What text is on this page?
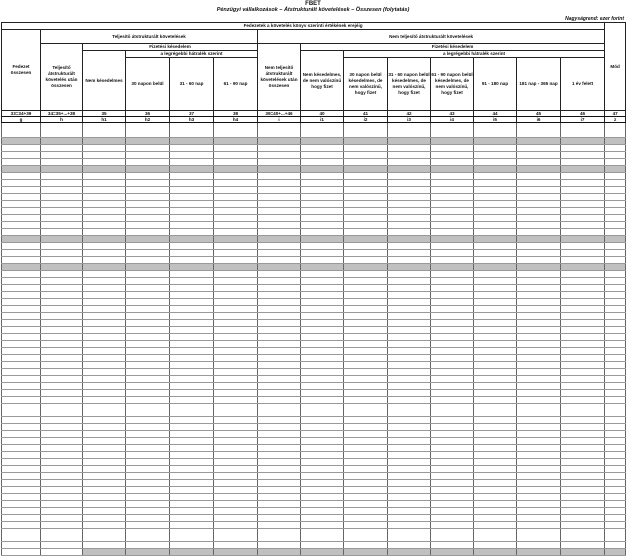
FBET
Pénzügyi vállalkozások – Átstrukturált követelések – Összesen (folytatás)
Nagyságrend: ezer forint
Fedezetek a követelés könyv szerinti értékének erejéig														Mód
Fedezet összesen	Teljesítő átstrukturált követelések					Nem teljesítő átstrukturált követelések								
	Teljesítő átstrukturált követelés után összesen	Fizetési késedelem				Nem teljesítő átstrukturált követelések után összesen	Fizetési késedelem							
		Nem késedelmes	a legrégebbi hátralék szerint				Nem késedelmes, de nem valószínű hogy fizet	a legrégebbi hátralék szerint						
			30 napon belül	31 - 60 nap	61 - 90 nap			30 napon belül késedelmes, de nem valószínű, hogy fizet	31 - 60 napon belül késedelmes, de nem valószínű, hogy fizet	61 - 90 napon belül késedelmes, de nem valószínű, hogy fizet	91 - 180 nap	181 nap - 365 nap	1 év felett	
33=34+39	34=35+...+38	35	36	37	38	39=40+...+46	40	41	42	43	44	45	46	47
g	h	h1	h2	h3	h4	i	i1	i2	i3	i4	i5	i6	i7	z
